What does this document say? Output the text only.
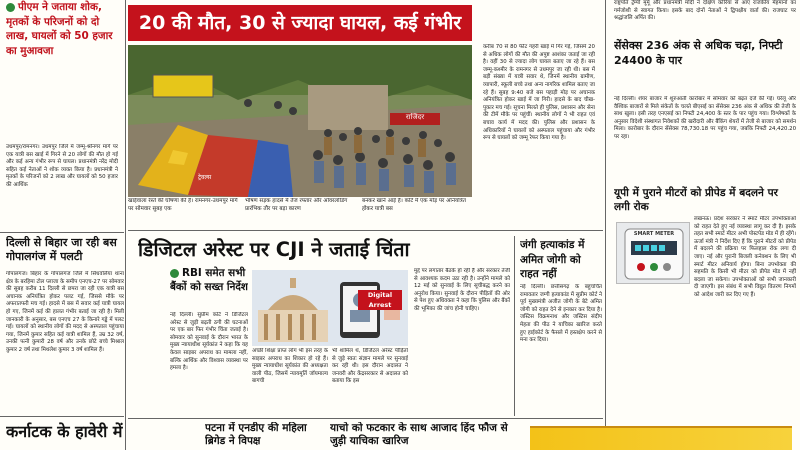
पीएम ने जताया शोक, मृतकों के परिजनों को दो लाख, घायलों को 50 हजार का मुआवजा
उधमपुर/रामनगर। उधमपुर जिले में जम्मू-श्रीनगर मार्ग पर एक यात्री बस खाई में गिरने से 20 लोगों की मौत हो गई और कई अन्य गंभीर रूप से घायल। प्रधानमंत्री नरेंद्र मोदी सहित कई नेताओं ने शोक व्यक्त किया है। प्रधानमंत्री ने मृतकों के परिजनों को 2 लाख और घायलों को 50 हजार की आर्थिक
दिल्ली से बिहार जा रही बस गोपालगंज में पलटी
गोपालगंज। बिहार के गोपालगंज जिले में सिधवलिया थाना क्षेत्र के बरहिमा टोल प्लाजा के समीप एनएच-27 पर सोमवार की सुबह करीब 11 दिल्ली से छपरा जा रही एक यात्री बस अचानक अनियंत्रित होकर पलट गई, जिससे मौके पर अफरातफरी मच गई। हादसे में बस में सवार कई यात्री घायल हो गए, जिनमें कई की हालत गंभीर बताई जा रही है। मिली जानकारी के अनुसार, बस एनएच 27 के किनारे गड्ढे में पलट गई। घायलों को स्थानीय लोगों की मदद से अस्पताल पहुंचाया गया, जिनमें कुमार सहित कई यात्री शामिल हैं, उम्र 32 वर्ष, उनकी पत्नी कुमारी 28 वर्ष और उनके छोटे बच्चे मिश्राल कुमार 2 वर्ष तथा मिथलेश कुमार 3 वर्ष शामिल हैं।
कर्नाटक के हावेरी में
20 की मौत, 30 से ज्यादा घायल, कई गंभीर
राजिंदर
ट्रेवल्स
खाईवाला रेस्ते की घोषणा की है। रामनगर-उधमपुर मार्ग पर सोमवार सुबह एक
भीषण सड़क हादसे में तेज रफ्तार और ओवरलोडिंग प्रारंभिक तौर पर बड़ा कारण
बनकर खाने आई हैं। कोर्ट में एक मोड़ पर अनियंत्रित होकर यात्री बस
करीब 70 से 80 फीट गहरी खाई में गिर गई, जिसमें 20 से अधिक लोगों की मौत की अपुष्ट आशंका जताई जा रही है। वहीं 30 से ज्यादा लोग घायल बताए जा रहे हैं। बस जम्मू-कश्मीर के रामनगर से उधमपुर जा रही थी। बस में बड़ी संख्या में यात्री सवार थे, जिनमें स्थानीय ग्रामीण, व्यापारी, स्कूली बच्चे तथा अन्य नागरिक शामिल बताए जा रहे हैं। सुबह 9:40 बजे बस पहाड़ी मोड़ पर अचानक अनियंत्रित होकर खाई में जा गिरी। हादसे के बाद चीख-पुकार मच गई। सूचना मिलते ही पुलिस, प्रशासन और सेना की टीमें मौके पर पहुंचीं। स्थानीय लोगों ने भी राहत एवं बचाव कार्य में मदद की। पुलिस और प्रशासन के अधिकारियों ने घायलों को अस्पताल पहुंचाया और गंभीर रूप से घायलों को जम्मू रेफर किया गया है।
डिजिटल अरेस्ट पर CJI ने जताई चिंता
RBI समेत सभी बैंकों को सख्त निर्देश
Digital Arrest
नई दिल्ली। सुप्रीम कोर्ट ने डिजिटल अरेस्ट से जुड़ी बढ़ती ठगी की घटनाओं पर एक बार फिर गंभीर चिंता जताई है। सोमवार को सुनवाई के दौरान भारत के मुख्य न्यायाधीश सूर्यकांत ने कहा कि यह केवल साइबर अपराध का मामला नहीं, बल्कि आर्थिक और विश्वास व्यवस्था पर हमला है।
अच्छी शिक्षा प्राप्त लोग भी इस तरह के साइबर अपराध का शिकार हो रहे हैं। मुख्य न्यायाधीश सूर्यकांत की अध्यक्षता वाली पीठ, जिसमें न्यायमूर्ति जॉयमाल्य बागची
भी शामिल थे, डिजिटल अरेस्ट पीड़ितों से जुड़े स्वतः संज्ञान मामले पर सुनवाई कर रही थी। इस दौरान अदालत ने जनवरी और केंद्रसरकार से अदालत को बताया कि इस
मुद्दे पर लगातार बैठकें हो रही हैं और सरकार तेजी से आवश्यक कदम उठा रही है। उन्होंने मामले को 12 मई को सुनवाई के लिए सूचीबद्ध करने का अनुरोध किया। सुनवाई के दौरान पीड़ितों की ओर से पेश हुए अधिवक्ता ने कहा कि पुलिस और बैंकों की भूमिका की जांच होनी चाहिए।
जंगी हत्याकांड में अमित जोगी को राहत नहीं
नई दिल्ली। छत्तीसगढ़ के बहुचर्चित रामावतार जग्गी हत्याकांड में सुप्रीम कोर्ट ने पूर्व मुख्यमंत्री अजीत जोगी के बेटे अमित जोगी को राहत देने से इनकार कर दिया है। जस्टिस विक्रमनाथ और जस्टिस संदीप मेहता की पीठ ने याचिका खारिज करते हुए हाईकोर्ट के फैसले में हस्तक्षेप करने से मना कर दिया।
पटना में एनडीए की महिला ब्रिगेड ने विपक्ष
याचो को फटकार के साथ आजाद हिंद फौज से जुड़ी याचिका खारिज
राष्ट्रपति ट्रॅम्पी मूर्मू और प्रधानमंत्री मोदी ने दक्षिण कोरिया से आए राजकीय मेहमानों का गर्मजोशी से स्वागत किया। इसके बाद दोनों नेताओं ने द्विपक्षीय वार्ता की। राजघाट पर श्रद्धांजलि अर्पित की।
सेंसेक्स 236 अंक से अधिक चढ़ा, निफ्टी 24400 के पार
नई दिल्ली। शेयर बाजार में शुरुआती कारोबार में सोमवार को बढ़त दर्ज की गई। घरेलू और वैश्विक बाजारों से मिले संकेतों के चलते बीएसई का सेंसेक्स 236 अंक से अधिक की तेजी के साथ खुला। इसी तरह एनएसई का निफ्टी 24,400 के स्तर के पार पहुंच गया। विश्लेषकों के अनुसार विदेशी संस्थागत निवेशकों की खरीदारी और बैंकिंग शेयरों में तेजी से बाजार को समर्थन मिला। कारोबार के दौरान सेंसेक्स 78,730.18 पर पहुंच गया, जबकि निफ्टी 24,420.20 पर रहा।
यूपी में पुराने मीटरों को प्रीपेड में बदलने पर लगी रोक
SMART METER
लखनऊ। प्रदेश सरकार ने स्मार्ट मीटर उपभोक्ताओं को राहत देते हुए नई व्यवस्था लागू कर दी है। इसके तहत सभी स्मार्ट मीटर अभी पोस्टपेड मोड में ही रहेंगे। ऊर्जा मंत्री ने निर्देश दिए हैं कि पुराने मीटरों को प्रीपेड में बदलने की प्रक्रिया पर फिलहाल रोक लगा दी जाए। नई और पुरानी बिजली कनेक्शन के लिए भी स्मार्ट मीटर अनिवार्य होगा। बिना उपभोक्ता की सहमति के किसी भी मीटर को प्रीपेड मोड में नहीं बदला जा सकेगा। उपभोक्ताओं को सभी जानकारी दी जाएगी। इस संबंध में सभी विद्युत वितरण निगमों को आदेश जारी कर दिए गए हैं।
